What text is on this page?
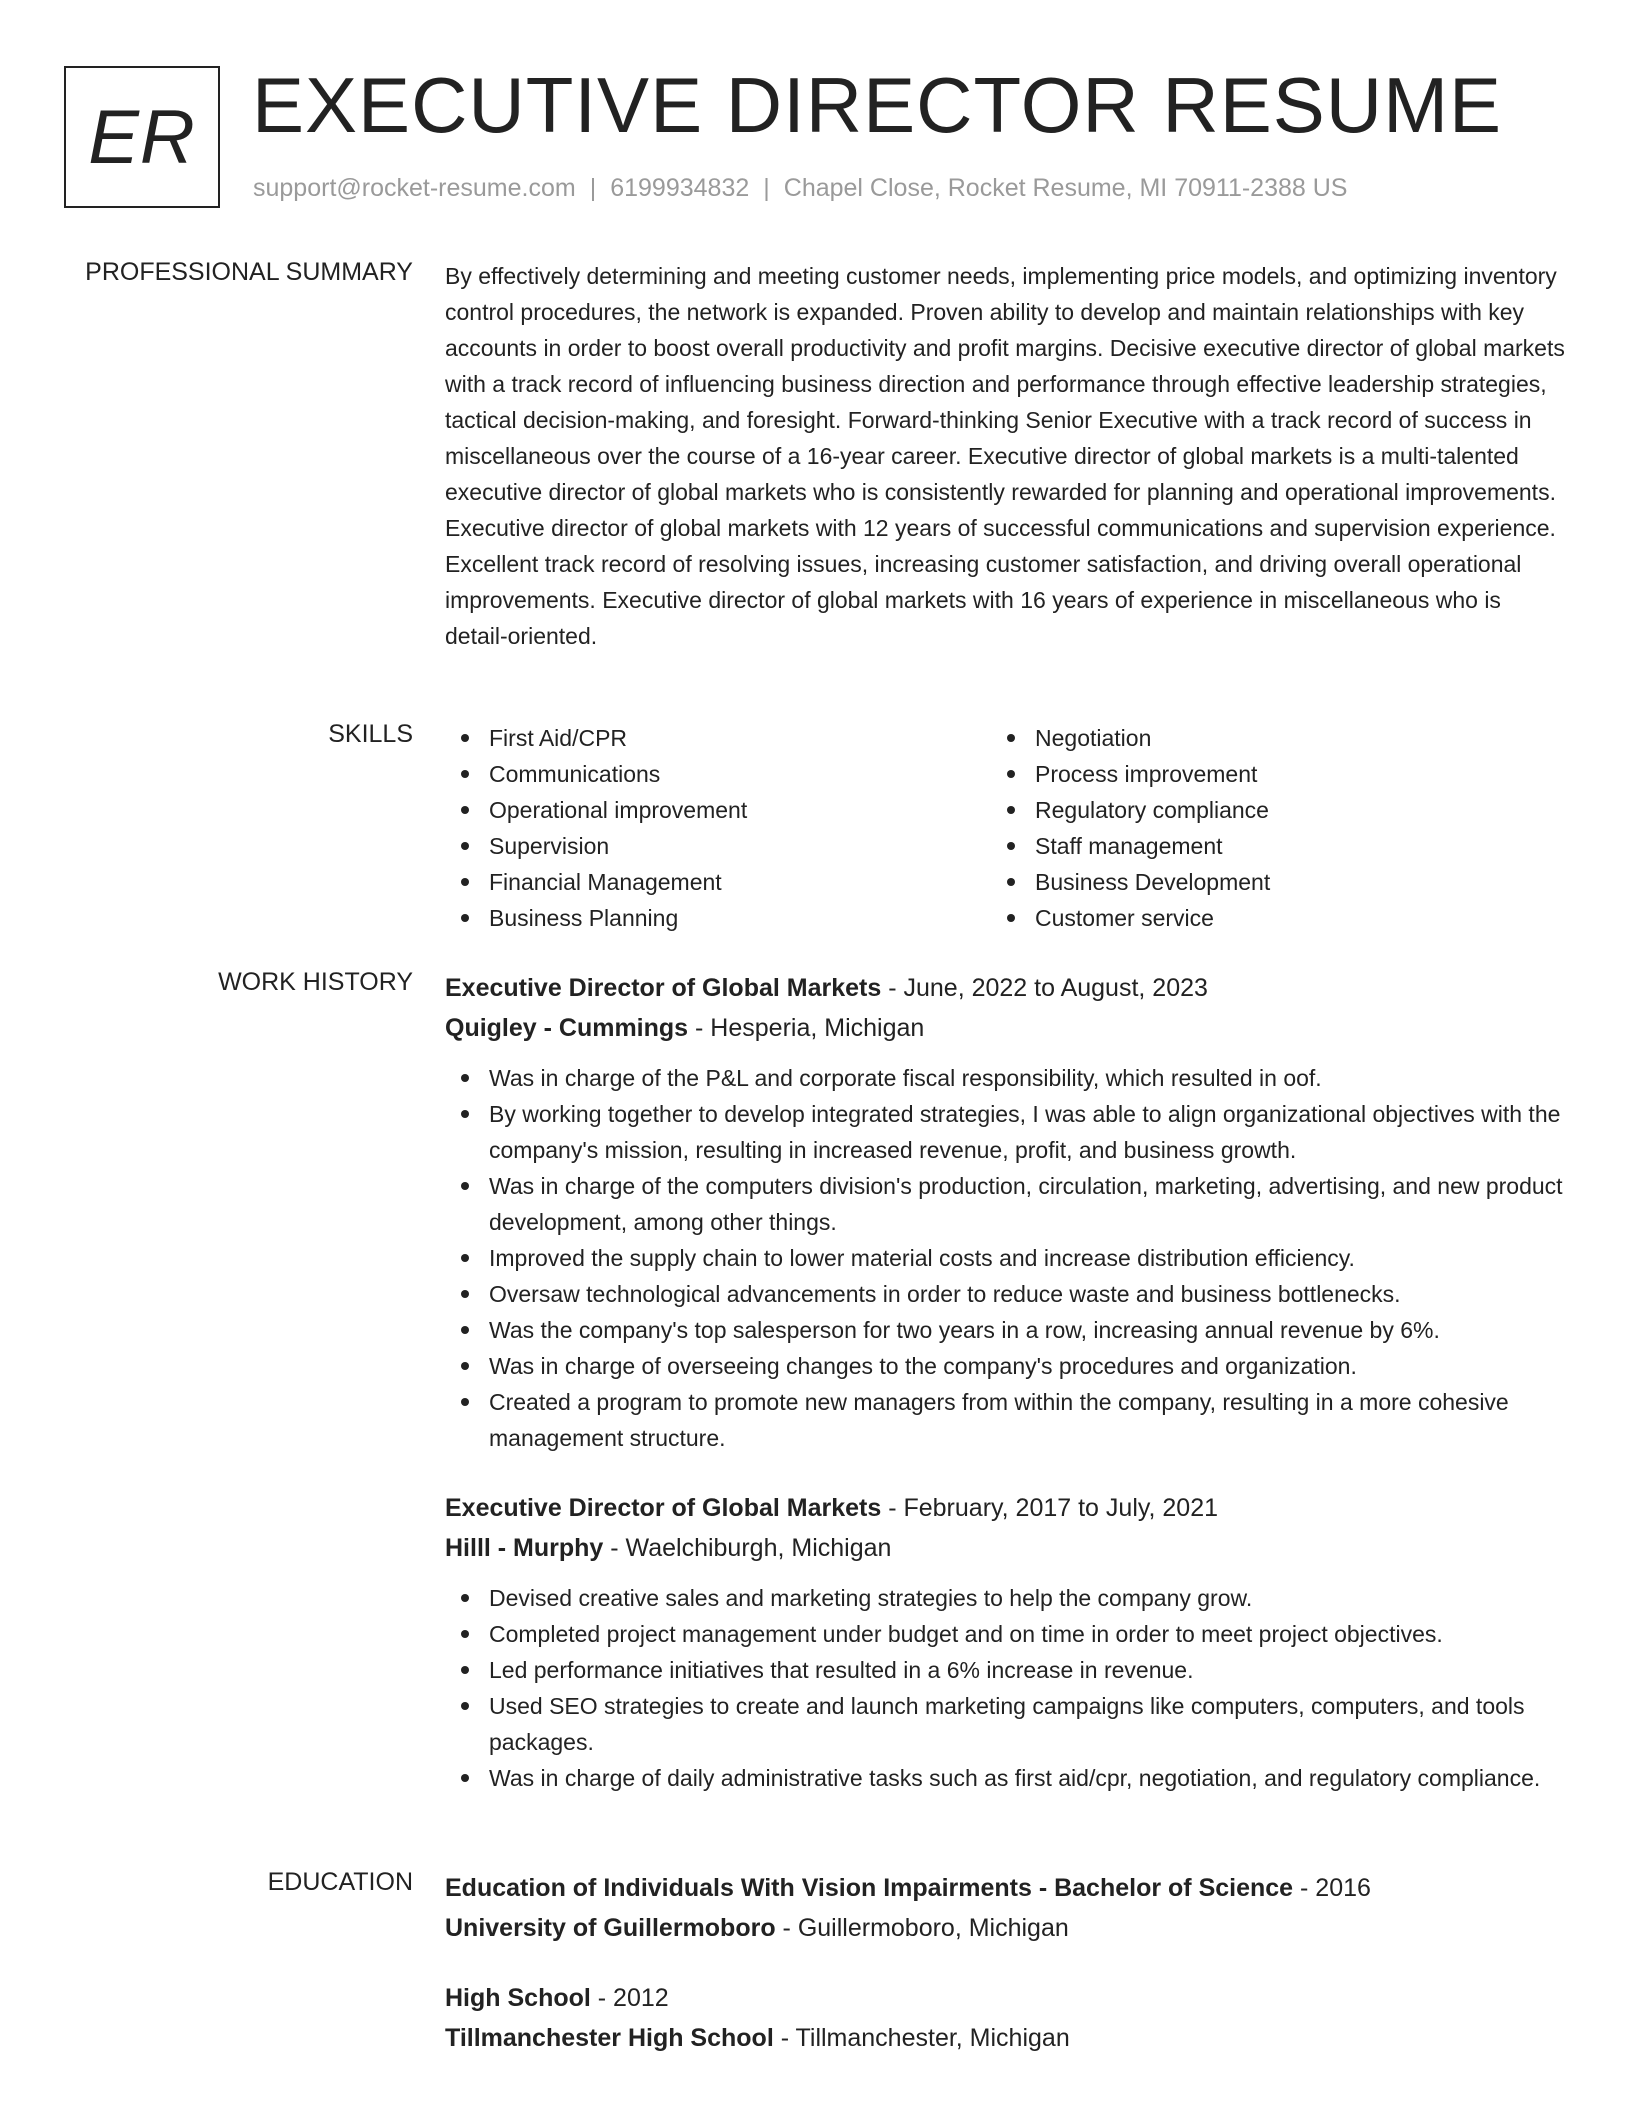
ER EXECUTIVE DIRECTOR RESUME
support@rocket-resume.com | 6199934832 | Chapel Close, Rocket Resume, MI 70911-2388 US
PROFESSIONAL SUMMARY By effectively determining and meeting customer needs, implementing price models, and optimizing inventory control procedures, the network is expanded. Proven ability to develop and maintain relationships with key accounts in order to boost overall productivity and profit margins. Decisive executive director of global markets with a track record of influencing business direction and performance through effective leadership strategies, tactical decision-making, and foresight. Forward-thinking Senior Executive with a track record of success in miscellaneous over the course of a 16-year career. Executive director of global markets is a multi-talented executive director of global markets who is consistently rewarded for planning and operational improvements. Executive director of global markets with 12 years of successful communications and supervision experience. Excellent track record of resolving issues, increasing customer satisfaction, and driving overall operational improvements. Executive director of global markets with 16 years of experience in miscellaneous who is detail-oriented.

SKILLS	First Aid/CPR
Communications
Operational improvement
Supervision
Financial Management
Business Planning
Negotiation
Process improvement
Regulatory compliance
Staff management
Business Development
Customer service
WORK HISTORY Executive Director of Global Markets - June, 2022 to August, 2023
Quigley - Cummings - Hesperia, Michigan
Was in charge of the P&L and corporate fiscal responsibility, which resulted in oof.
By working together to develop integrated strategies, I was able to align organizational objectives with the company's mission, resulting in increased revenue, profit, and business growth.
Was in charge of the computers division's production, circulation, marketing, advertising, and new product development, among other things.
Improved the supply chain to lower material costs and increase distribution efficiency.
Oversaw technological advancements in order to reduce waste and business bottlenecks.
Was the company's top salesperson for two years in a row, increasing annual revenue by 6%.
Was in charge of overseeing changes to the company's procedures and organization.
Created a program to promote new managers from within the company, resulting in a more cohesive management structure.
Executive Director of Global Markets - February, 2017 to July, 2021
Hilll - Murphy - Waelchiburgh, Michigan
Devised creative sales and marketing strategies to help the company grow.
Completed project management under budget and on time in order to meet project objectives.
Led performance initiatives that resulted in a 6% increase in revenue.
Used SEO strategies to create and launch marketing campaigns like computers, computers, and tools packages.
Was in charge of daily administrative tasks such as first aid/cpr, negotiation, and regulatory compliance.
EDUCATION Education of Individuals With Vision Impairments - Bachelor of Science - 2016
University of Guillermoboro - Guillermoboro, Michigan
High School - 2012
Tillmanchester High School - Tillmanchester, Michigan
